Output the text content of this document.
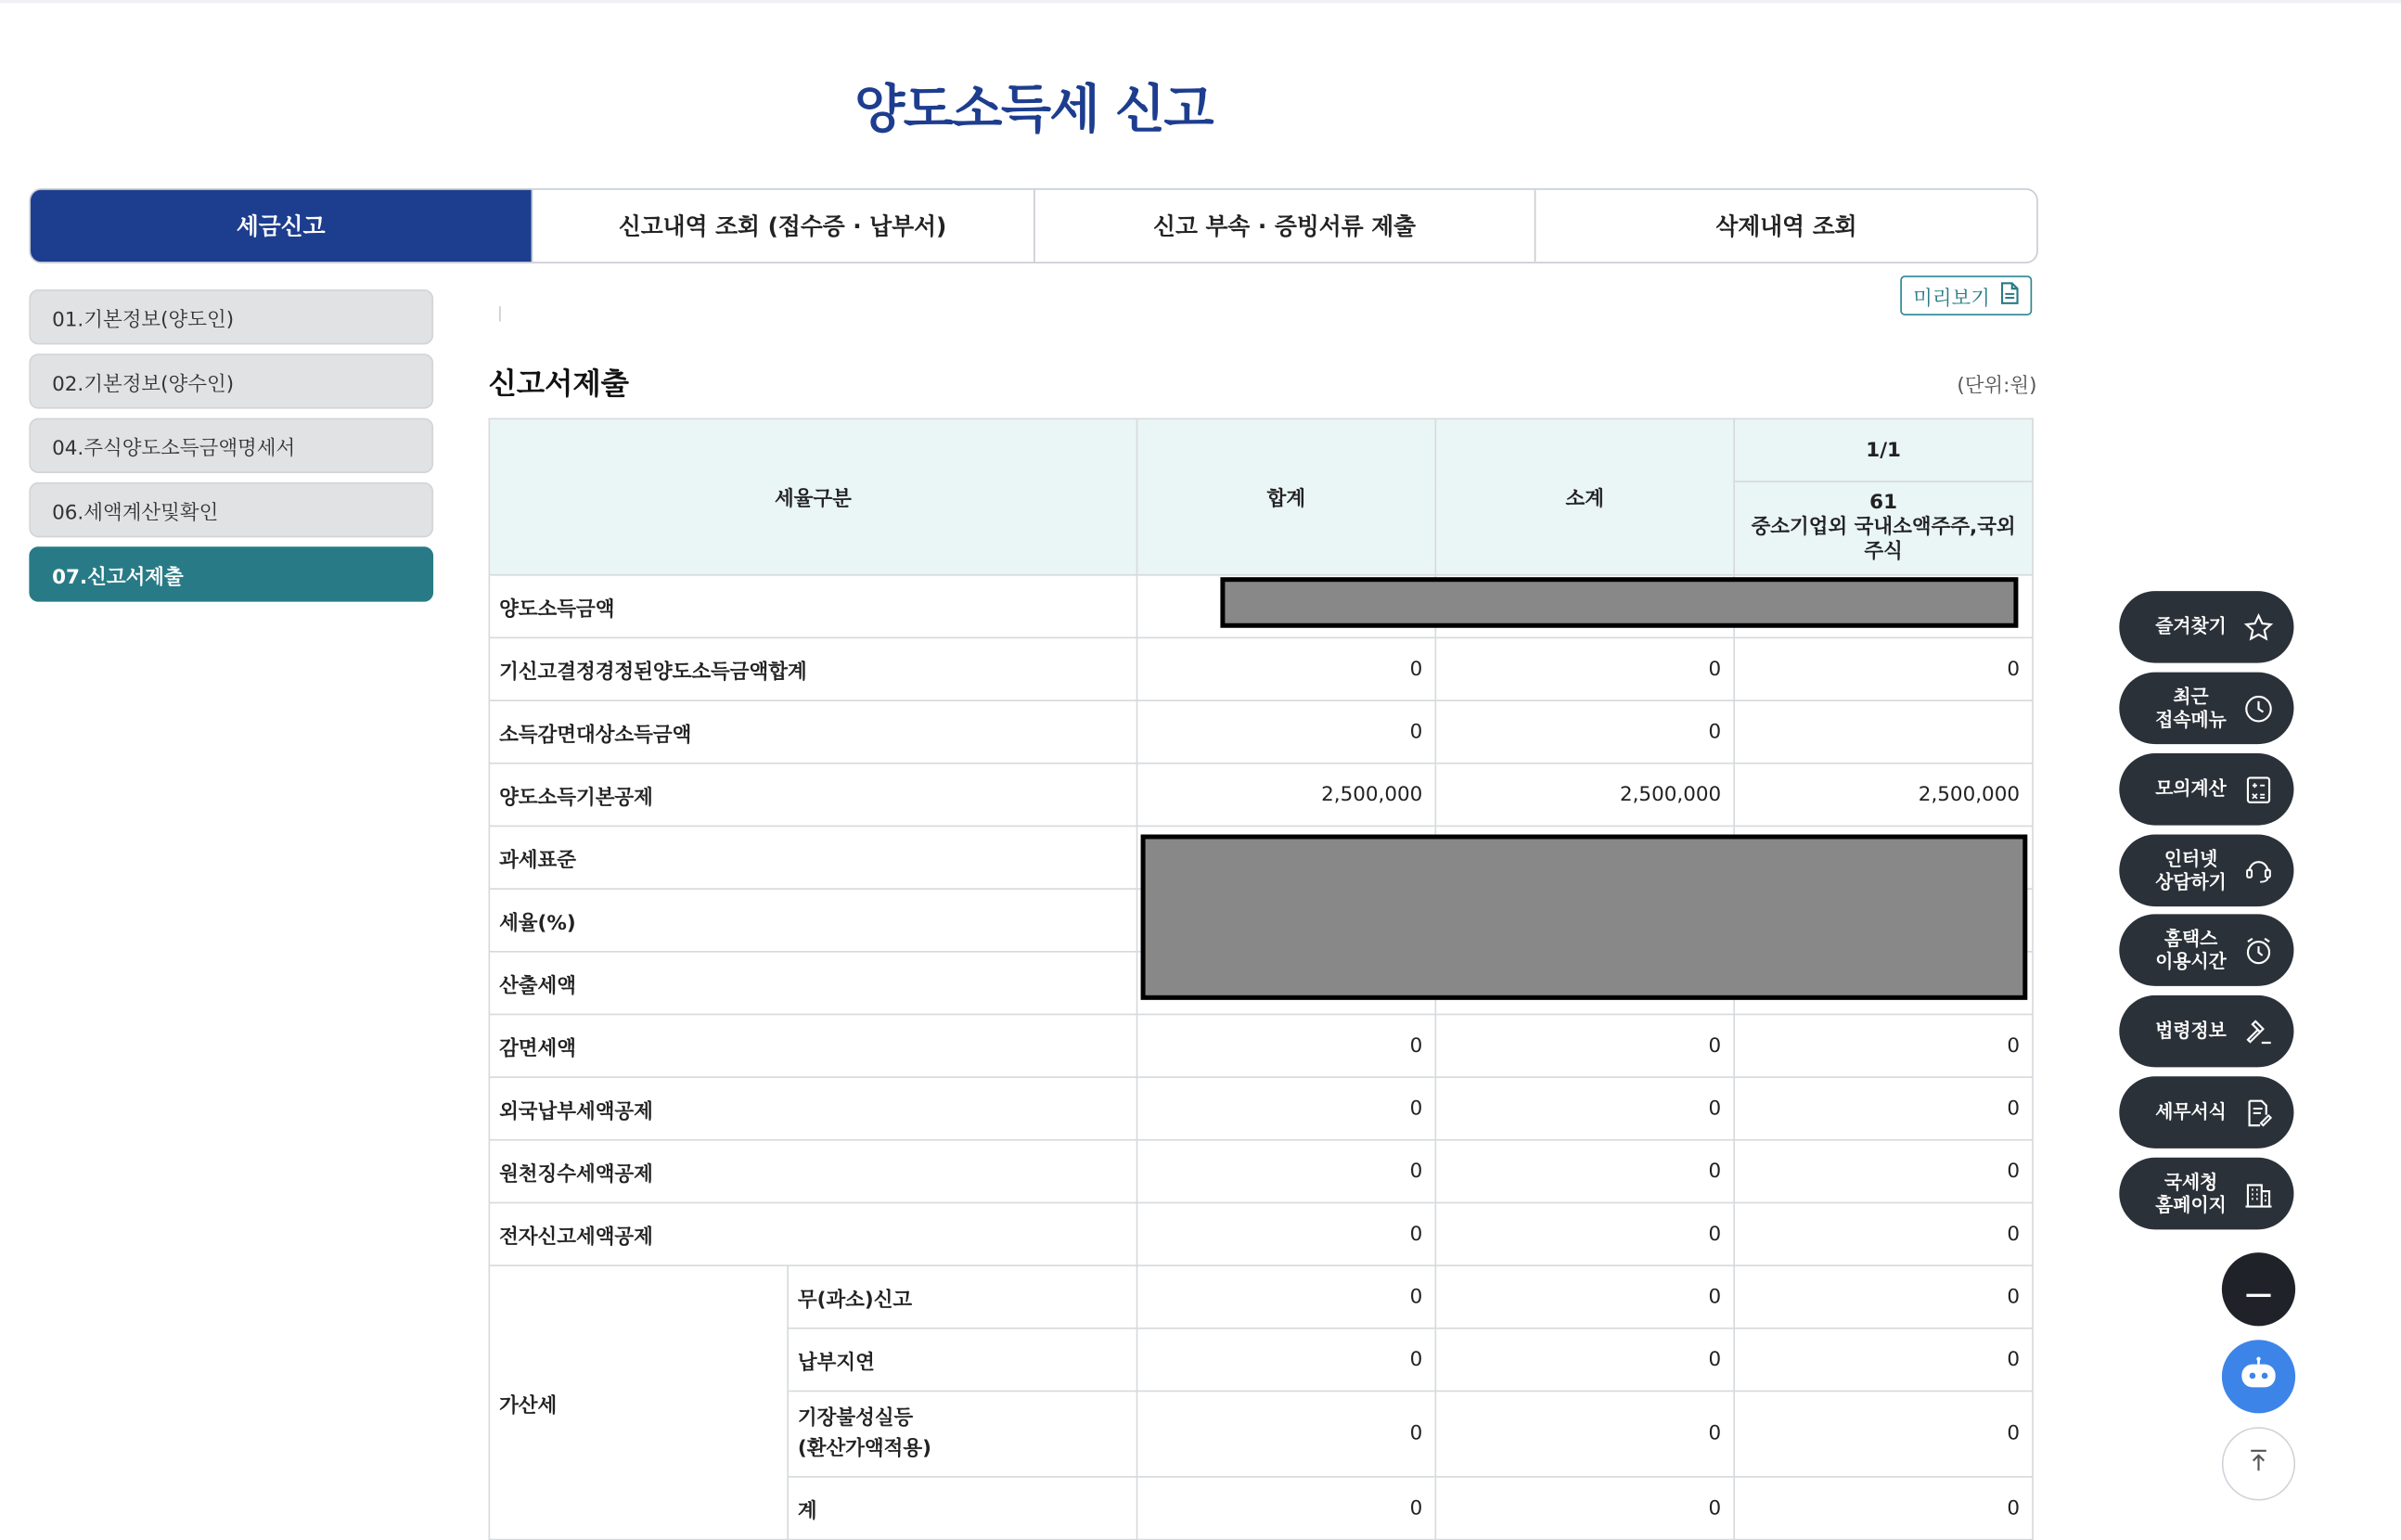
양도소득세 신고
세금신고	신고내역 조회 (접수증 · 납부서)	신고 부속 · 증빙서류 제출	삭제내역 조회
01.기본정보(양도인)
02.기본정보(양수인)
04.주식양도소득금액명세서
06.세액계산및확인
07.신고서제출
미리보기
신고서제출	(단위:원)
세율구분		합계	소계	1/1

				61
중소기업외 국내소액주주,국외주식

양도소득금액				
기신고결정경정된양도소득금액합계		0	0	0
소득감면대상소득금액		0	0	
양도소득기본공제		2,500,000	2,500,000	2,500,000
과세표준				
세율(%)				
산출세액				
감면세액		0	0	0
외국납부세액공제		0	0	0
원천징수세액공제		0	0	0
전자신고세액공제		0	0	0
가산세	무(과소)신고	0	0	0
	납부지연	0	0	0

	기장불성실등
(환산가액적용)	0	0	0
	계	0	0	0
즐겨찾기
최근
접속메뉴
모의계산
인터넷
상담하기
홈택스
이용시간
법령정보
세무서식
국세청
홈페이지
